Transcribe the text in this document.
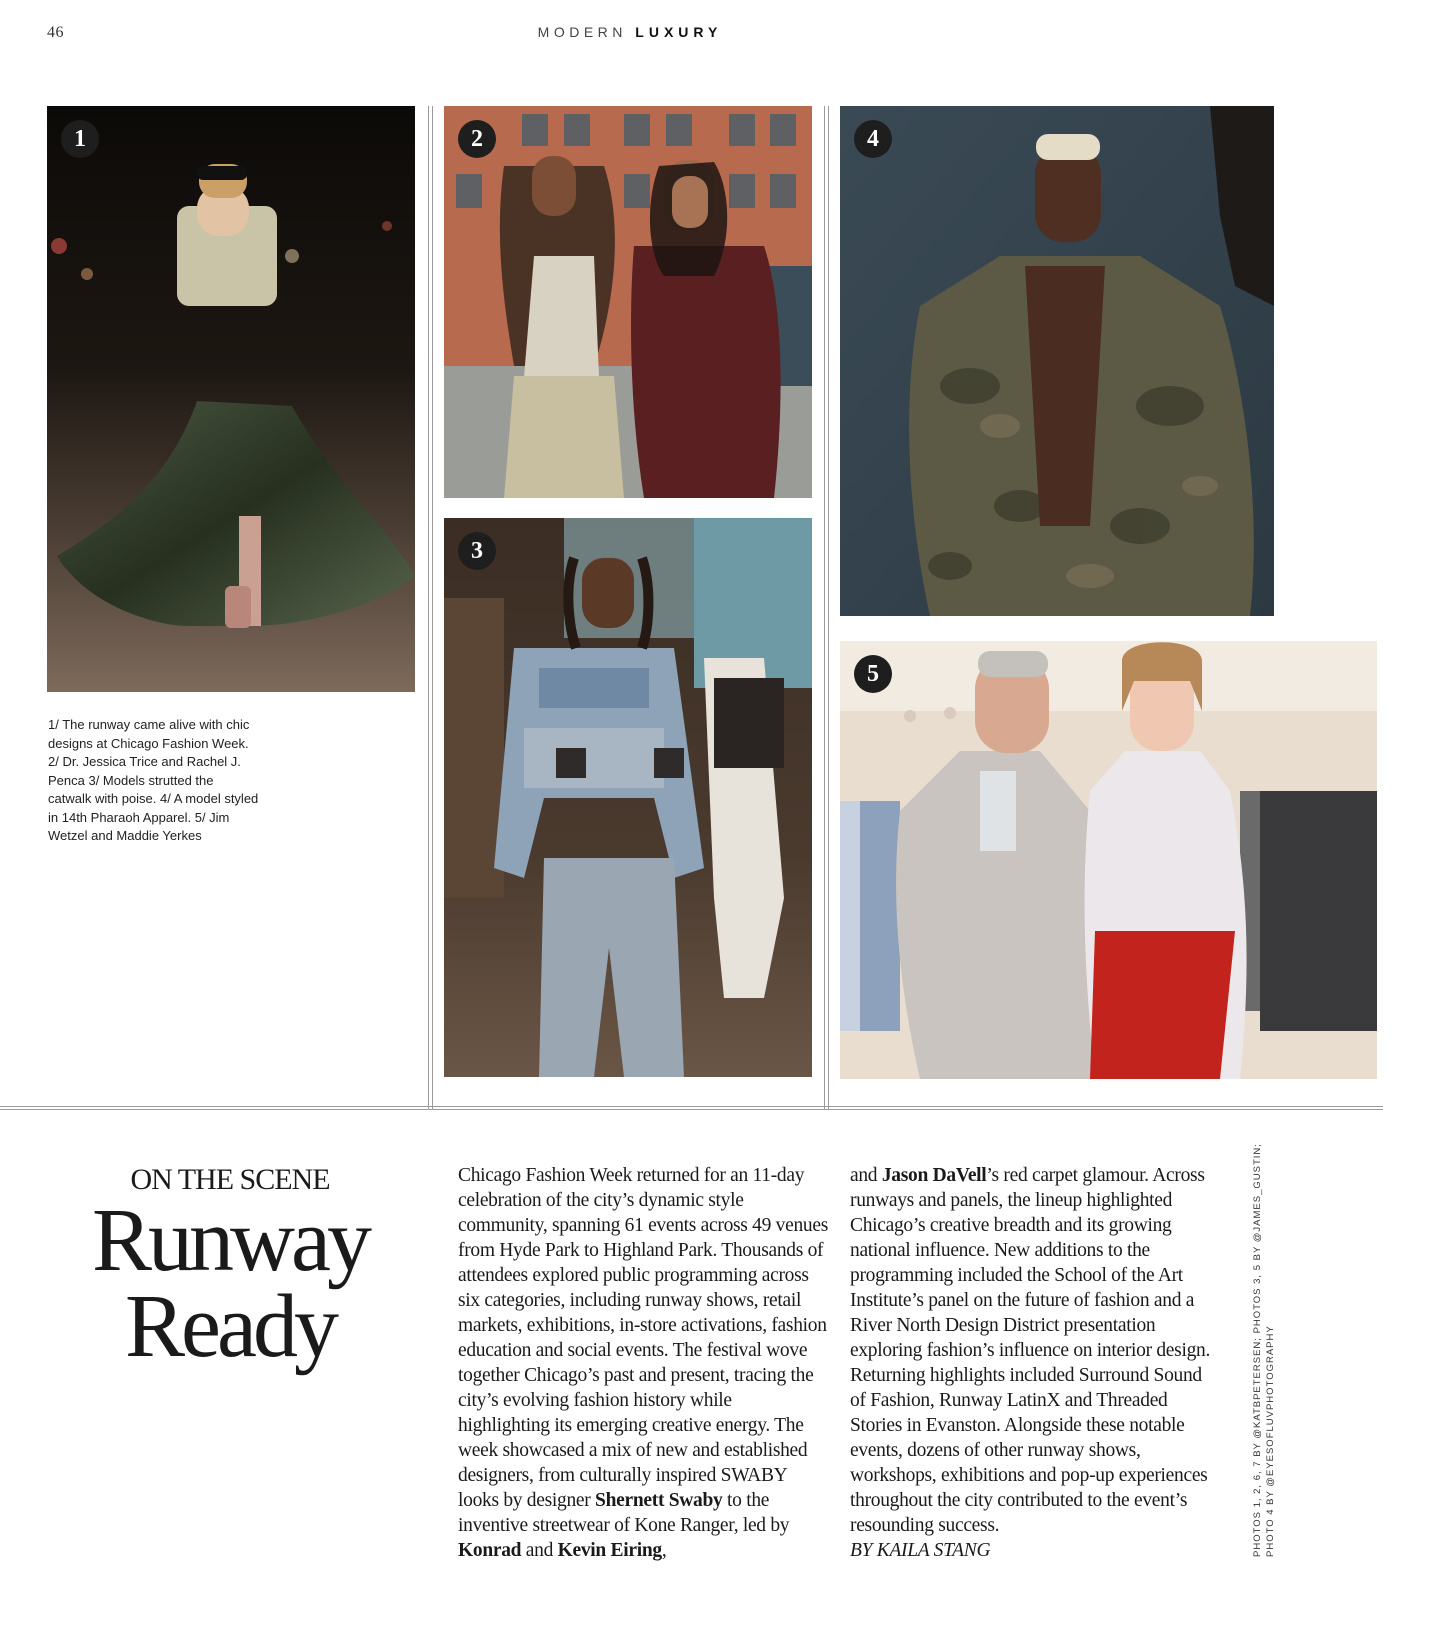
46	MODERN LUXURY
1	2
3
4
5
1/ The runway came alive with chic designs at Chicago Fashion Week. 2/ Dr. Jessica Trice and Rachel J. Penca 3/ Models strutted the catwalk with poise. 4/ A model styled in 14th Pharaoh Apparel. 5/ Jim Wetzel and Maddie Yerkes
ON THE SCENE
Runway
Ready
Chicago Fashion Week returned for an 11-day celebration of the city’s dynamic style community, spanning 61 events across 49 venues from Hyde Park to Highland Park. Thousands of attendees explored public programming across six categories, including runway shows, retail markets, exhibitions, in-store activations, fashion education and social events. The festival wove together Chicago’s past and present, tracing the city’s evolving fashion history while highlighting its emerging creative energy. The week showcased a mix of new and established designers, from culturally inspired SWABY looks by designer Shernett Swaby to the inventive streetwear of Kone Ranger, led by Konrad and Kevin Eiring,
and Jason DaVell’s red carpet glamour. Across runways and panels, the lineup highlighted Chicago’s creative breadth and its growing national influence. New additions to the programming included the School of the Art Institute’s panel on the future of fashion and a River North Design District presentation exploring fashion’s influence on interior design. Returning highlights included Surround Sound of Fashion, Runway LatinX and Threaded Stories in Evanston. Alongside these notable events, dozens of other runway shows, workshops, exhibitions and pop-up experiences throughout the city contributed to the event’s resounding success.
BY KAILA STANG	PHOTOS 1, 2, 6, 7 BY @KATBPETERSEN; PHOTOS 3, 5 BY @JAMES_GUSTIN; PHOTO 4 BY @EYESOFLUVPHOTOGRAPHY
